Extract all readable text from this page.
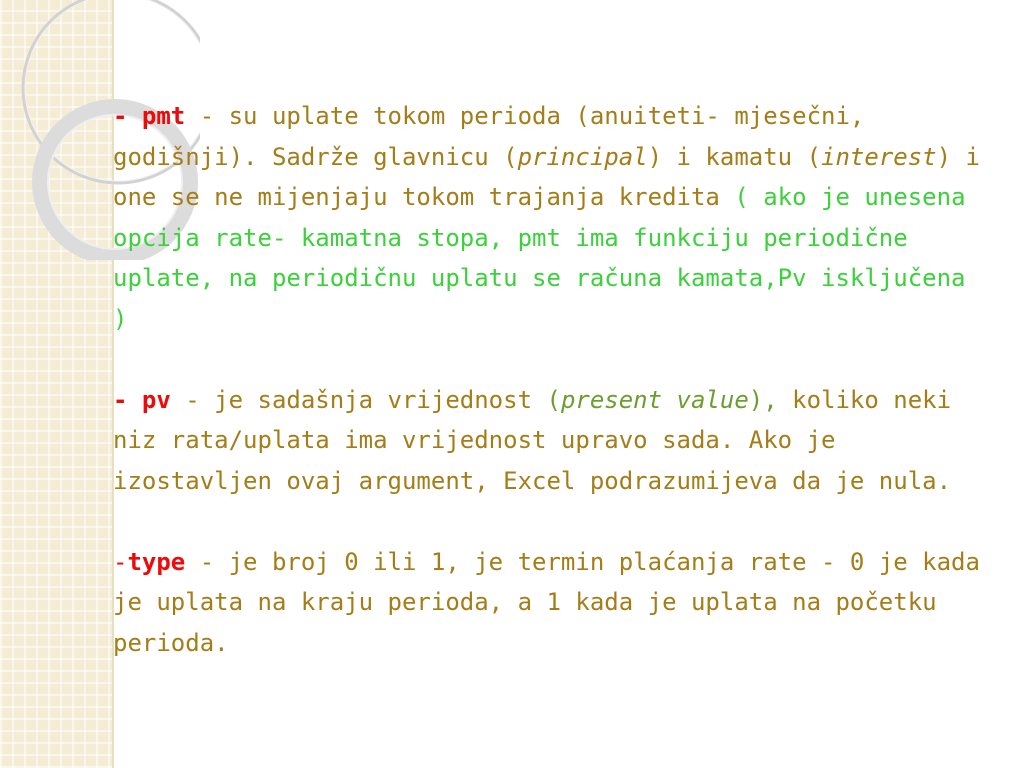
- pmt - su uplate tokom perioda (anuiteti- mjesečni, godišnji). Sadrže glavnicu (principal) i kamatu (interest) i one se ne mijenjaju tokom trajanja kredita ( ako je unesena opcija rate- kamatna stopa, pmt ima funkciju periodične uplate, na periodičnu uplatu se računa kamata,Pv isključena )

- pv - je sadašnja vrijednost (present value), koliko neki niz rata/uplata ima vrijednost upravo sada. Ako je izostavljen ovaj argument, Excel podrazumijeva da je nula.

-type - je broj 0 ili 1, je termin plaćanja rate - 0 je kada je uplata na kraju perioda, a 1 kada je uplata na početku perioda.
